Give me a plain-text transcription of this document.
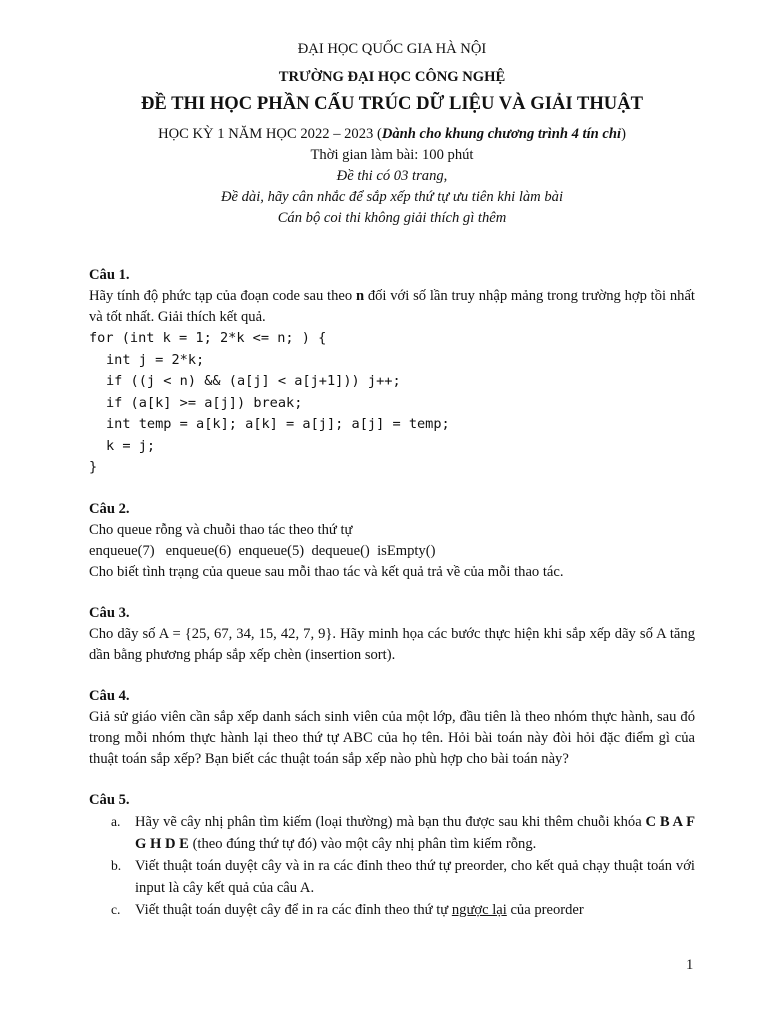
ĐẠI HỌC QUỐC GIA HÀ NỘI
TRƯỜNG ĐẠI HỌC CÔNG NGHỆ
ĐỀ THI HỌC PHẦN CẤU TRÚC DỮ LIỆU VÀ GIẢI THUẬT
HỌC KỲ 1 NĂM HỌC 2022 – 2023 (Dành cho khung chương trình 4 tín chỉ)
Thời gian làm bài: 100 phút
Đề thi có 03 trang,
Đề dài, hãy cân nhắc để sắp xếp thứ tự ưu tiên khi làm bài
Cán bộ coi thi không giải thích gì thêm
Câu 1.
Hãy tính độ phức tạp của đoạn code sau theo n đối với số lần truy nhập mảng trong trường hợp tồi nhất và tốt nhất. Giải thích kết quả.
for (int k = 1; 2*k <= n; ) {
int j = 2*k;
if ((j < n) && (a[j] < a[j+1])) j++;
if (a[k] >= a[j]) break;
int temp = a[k]; a[k] = a[j]; a[j] = temp;
k = j;
}
Câu 2.
Cho queue rỗng và chuỗi thao tác theo thứ tự
enqueue(7)   enqueue(6)  enqueue(5)  dequeue()  isEmpty()
Cho biết tình trạng của queue sau mỗi thao tác và kết quả trả về của mỗi thao tác.
Câu 3.
Cho dãy số A = {25, 67, 34, 15, 42, 7, 9}. Hãy minh họa các bước thực hiện khi sắp xếp dãy số A tăng dần bằng phương pháp sắp xếp chèn (insertion sort).
Câu 4.
Giả sử giáo viên cần sắp xếp danh sách sinh viên của một lớp, đầu tiên là theo nhóm thực hành, sau đó trong mỗi nhóm thực hành lại theo thứ tự ABC của họ tên. Hỏi bài toán này đòi hỏi đặc điểm gì của thuật toán sắp xếp? Bạn biết các thuật toán sắp xếp nào phù hợp cho bài toán này?
Câu 5.
a. Hãy vẽ cây nhị phân tìm kiếm (loại thường) mà bạn thu được sau khi thêm chuỗi khóa C B A F G H D E (theo đúng thứ tự đó) vào một cây nhị phân tìm kiếm rỗng.
b. Viết thuật toán duyệt cây và in ra các đỉnh theo thứ tự preorder, cho kết quả chạy thuật toán với input là cây kết quả của câu A.
c. Viết thuật toán duyệt cây để in ra các đỉnh theo thứ tự ngược lại của preorder
1
